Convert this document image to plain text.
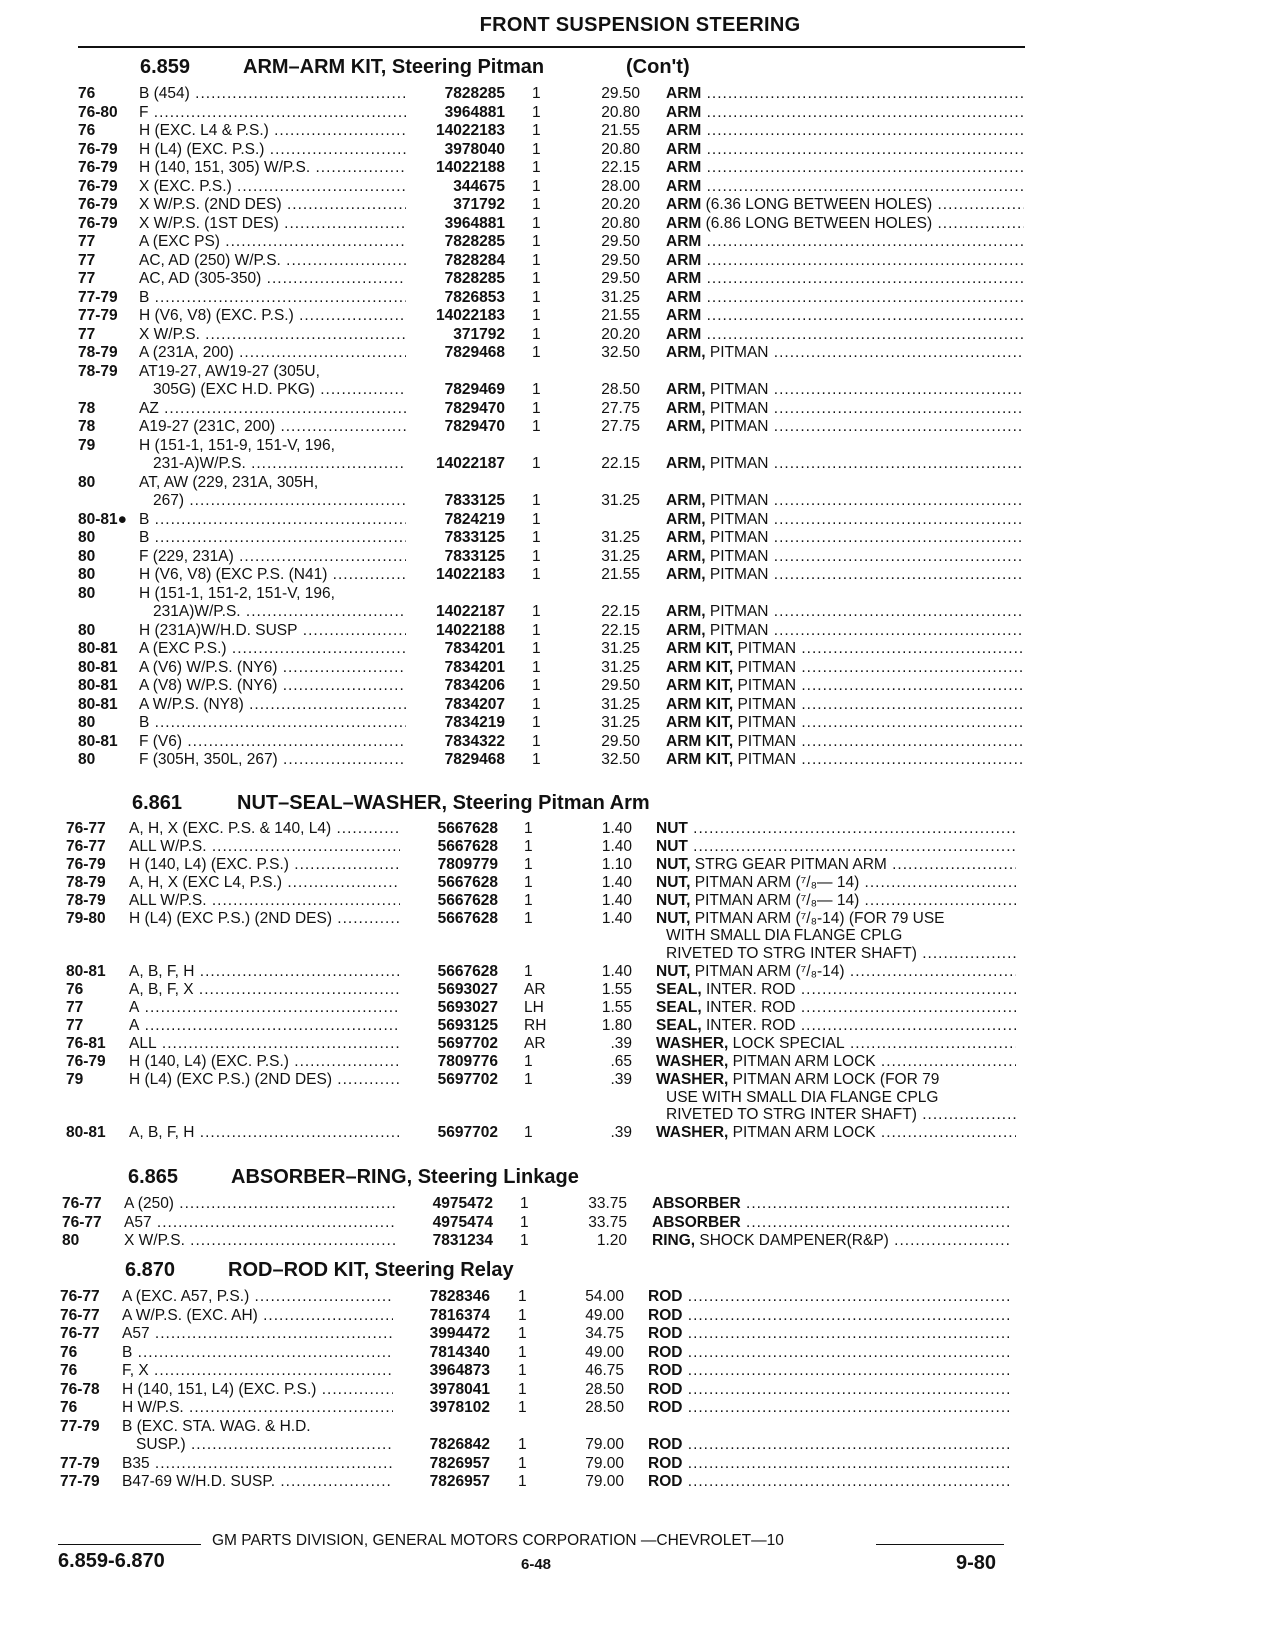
FRONT SUSPENSION STEERING
6.859	ARM–ARM KIT, Steering Pitman	(Con't)
76	B (454) .....	7828285 1	29.50 ARM .....
76-80 F .....	3964881 1	20.80 ARM .....
76	H (EXC. L4 & P.S.) .....	14022183 1	21.55 ARM .....
76-79 H (L4) (EXC. P.S.) .....	3978040 1	20.80 ARM .....
76-79 H (140, 151, 305) W/P.S. .....	14022188 1	22.15 ARM .....
76-79 X (EXC. P.S.) .....	344675 1	28.00 ARM .....
76-79 X W/P.S. (2ND DES) .....	371792 1	20.20 ARM (6.36 LONG BETWEEN HOLES) .....
76-79 X W/P.S. (1ST DES) .....	3964881 1	20.80 ARM (6.86 LONG BETWEEN HOLES) .....
77	A (EXC PS) .....	7828285 1	29.50 ARM .....
77	AC, AD (250) W/P.S. .....	7828284 1	29.50 ARM .....
77	AC, AD (305-350) .....	7828285 1	29.50 ARM .....
77-79 B .....	7826853 1	31.25 ARM .....
77-79 H (V6, V8) (EXC. P.S.) .....	14022183 1	21.55 ARM .....
77	X W/P.S. .....	371792 1	20.20 ARM .....
78-79 A (231A, 200) .....	7829468 1	32.50 ARM, PITMAN .....
78-79 AT19-27, AW19-27 (305U,
305G) (EXC H.D. PKG) .....	7829469 1	28.50 ARM, PITMAN .....
78	AZ .....	7829470 1	27.75 ARM, PITMAN .....
78	A19-27 (231C, 200) .....	7829470 1	27.75 ARM, PITMAN .....
79	H (151-1, 151-9, 151-V, 196,
231-A)W/P.S. .....	14022187 1	22.15 ARM, PITMAN .....
80	AT, AW (229, 231A, 305H,
267) .....	7833125 1	31.25 ARM, PITMAN .....
80-81● B .....	7824219 1	ARM, PITMAN .....
80	B .....	7833125 1	31.25 ARM, PITMAN .....
80	F (229, 231A) .....	7833125 1	31.25 ARM, PITMAN .....
80	H (V6, V8) (EXC P.S. (N41) .....	14022183 1	21.55 ARM, PITMAN .....
80	H (151-1, 151-2, 151-V, 196,
231A)W/P.S. .....	14022187 1	22.15 ARM, PITMAN .....
80	H (231A)W/H.D. SUSP .....	14022188 1	22.15 ARM, PITMAN .....
80-81 A (EXC P.S.) .....	7834201 1	31.25 ARM KIT, PITMAN .....
80-81 A (V6) W/P.S. (NY6) .....	7834201 1	31.25 ARM KIT, PITMAN .....
80-81 A (V8) W/P.S. (NY6) .....	7834206 1	29.50 ARM KIT, PITMAN .....
80-81 A W/P.S. (NY8) .....	7834207 1	31.25 ARM KIT, PITMAN .....
80	B .....	7834219 1	31.25 ARM KIT, PITMAN .....
80-81 F (V6) .....	7834322 1	29.50 ARM KIT, PITMAN .....
80	F (305H, 350L, 267) .....	7829468 1	32.50 ARM KIT, PITMAN .....
6.861	NUT–SEAL–WASHER, Steering Pitman Arm
76-77 A, H, X (EXC. P.S. & 140, L4) .....	5667628 1	1.40 NUT .....
76-77 ALL W/P.S. .....	5667628 1	1.40 NUT .....
76-79 H (140, L4) (EXC. P.S.) .....	7809779 1	1.10 NUT, STRG GEAR PITMAN ARM .....
78-79 A, H, X (EXC L4, P.S.) .....	5667628 1	1.40 NUT, PITMAN ARM (⁷/₈— 14) .....
78-79 ALL W/P.S. .....	5667628 1	1.40 NUT, PITMAN ARM (⁷/₈— 14) .....
79-80 H (L4) (EXC P.S.) (2ND DES) .....	5667628 1	1.40 NUT, PITMAN ARM (⁷/₈-14) (FOR 79 USE
WITH SMALL DIA FLANGE CPLG
RIVETED TO STRG INTER SHAFT) .....
80-81 A, B, F, H .....	5667628 1	1.40 NUT, PITMAN ARM (⁷/₈-14) .....
76	A, B, F, X .....	5693027 AR	1.55 SEAL, INTER. ROD .....
77	A .....	5693027 LH	1.55 SEAL, INTER. ROD .....
77	A .....	5693125 RH	1.80 SEAL, INTER. ROD .....
76-81 ALL .....	5697702 AR	.39 WASHER, LOCK SPECIAL .....
76-79 H (140, L4) (EXC. P.S.) .....	7809776 1	.65 WASHER, PITMAN ARM LOCK .....
79	H (L4) (EXC P.S.) (2ND DES) .....	5697702 1	.39 WASHER, PITMAN ARM LOCK (FOR 79
USE WITH SMALL DIA FLANGE CPLG
RIVETED TO STRG INTER SHAFT) .....
80-81 A, B, F, H .....	5697702 1	.39 WASHER, PITMAN ARM LOCK .....
6.865	ABSORBER–RING, Steering Linkage
76-77 A (250) .....	4975472 1	33.75 ABSORBER .....
76-77 A57 .....	4975474 1	33.75 ABSORBER .....
80	X W/P.S. .....	7831234 1	1.20 RING, SHOCK DAMPENER(R&P) .....
6.870	ROD–ROD KIT, Steering Relay
76-77 A (EXC. A57, P.S.) .....	7828346 1	54.00 ROD .....
76-77 A W/P.S. (EXC. AH) .....	7816374 1	49.00 ROD .....
76-77 A57 .....	3994472 1	34.75 ROD .....
76	B .....	7814340 1	49.00 ROD .....
76	F, X .....	3964873 1	46.75 ROD .....
76-78 H (140, 151, L4) (EXC. P.S.) .....	3978041 1	28.50 ROD .....
76	H W/P.S. .....	3978102 1	28.50 ROD .....
77-79 B (EXC. STA. WAG. & H.D.
SUSP.) .....	7826842 1	79.00 ROD .....
77-79 B35 .....	7826957 1	79.00 ROD .....
77-79 B47-69 W/H.D. SUSP. .....	7826957 1	79.00 ROD .....
GM PARTS DIVISION, GENERAL MOTORS CORPORATION —CHEVROLET—10
6.859-6.870	6-48	9-80
